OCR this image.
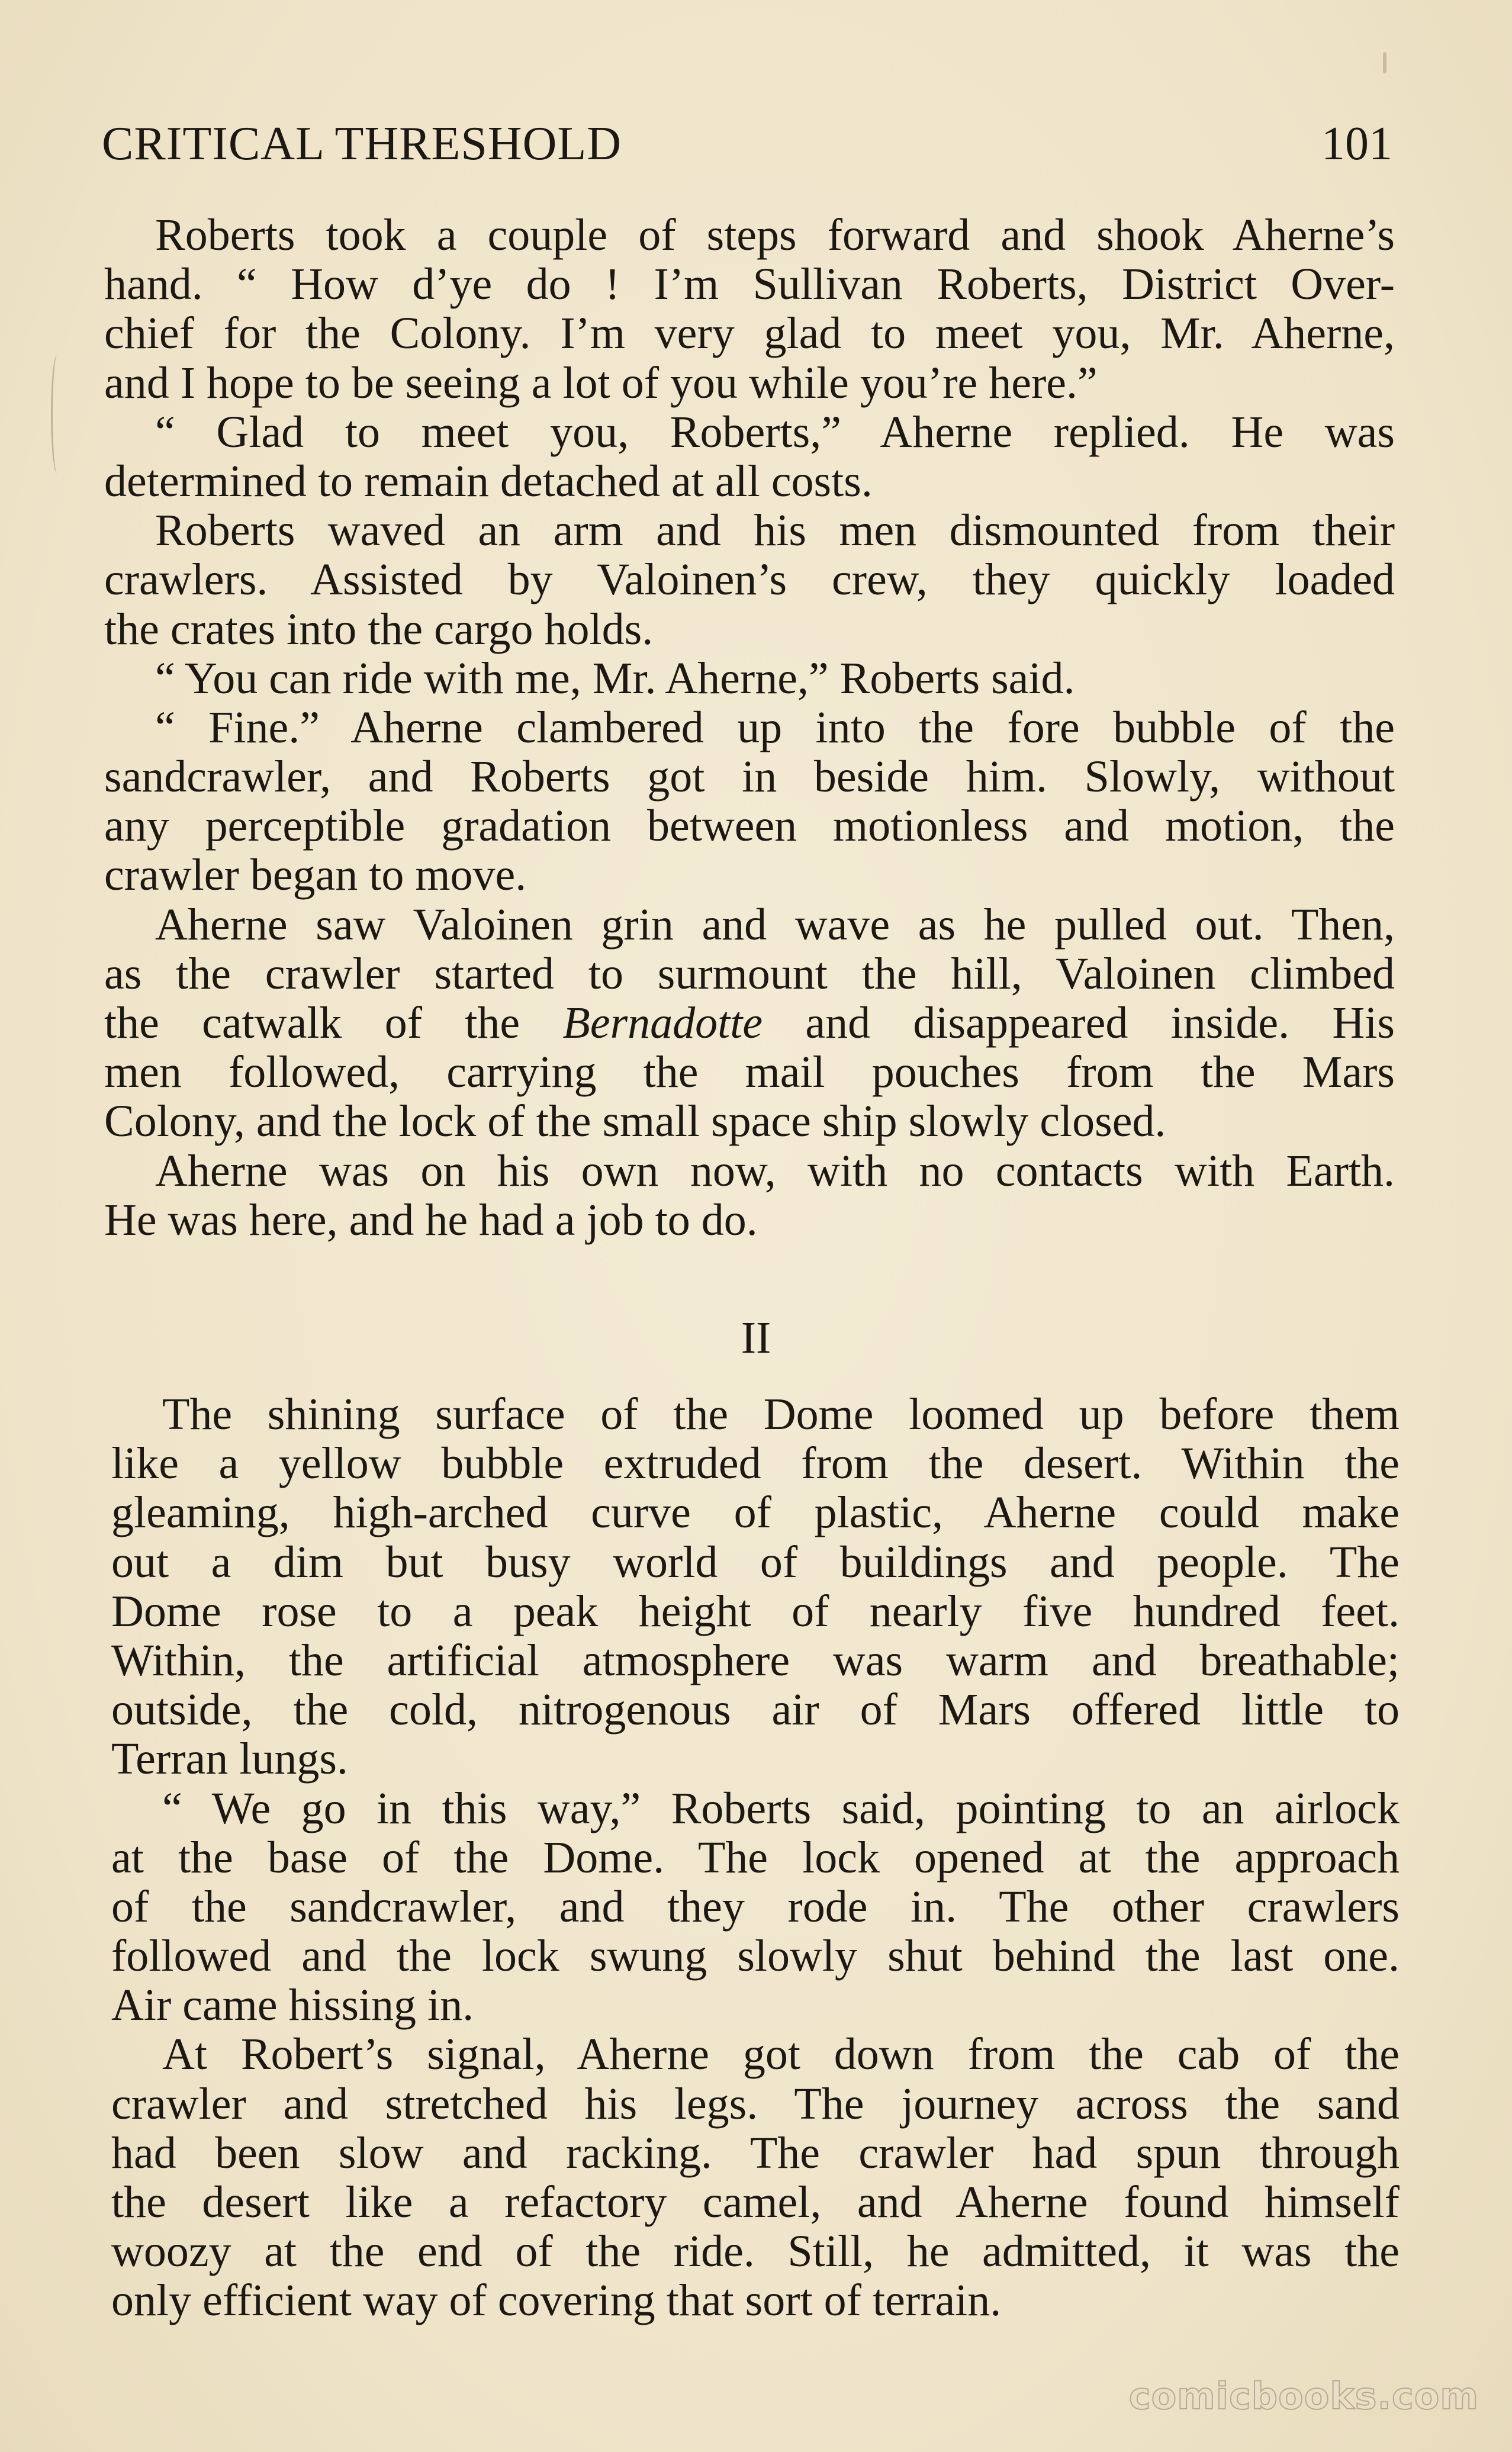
CRITICAL THRESHOLD	101
Roberts took a couple of steps forward and shook Aherne’s
hand. “ How d’ye do ! I’m Sullivan Roberts, District Over-
chief for the Colony. I’m very glad to meet you, Mr. Aherne,
and I hope to be seeing a lot of you while you’re here.”
“ Glad to meet you, Roberts,” Aherne replied. He was
determined to remain detached at all costs.
Roberts waved an arm and his men dismounted from their
crawlers. Assisted by Valoinen’s crew, they quickly loaded
the crates into the cargo holds.
“ You can ride with me, Mr. Aherne,” Roberts said.
“ Fine.” Aherne clambered up into the fore bubble of the
sandcrawler, and Roberts got in beside him. Slowly, without
any perceptible gradation between motionless and motion, the
crawler began to move.
Aherne saw Valoinen grin and wave as he pulled out. Then,
as the crawler started to surmount the hill, Valoinen climbed
the catwalk of the Bernadotte and disappeared inside. His
men followed, carrying the mail pouches from the Mars
Colony, and the lock of the small space ship slowly closed.
Aherne was on his own now, with no contacts with Earth.
He was here, and he had a job to do.
II
The shining surface of the Dome loomed up before them
like a yellow bubble extruded from the desert. Within the
gleaming, high-arched curve of plastic, Aherne could make
out a dim but busy world of buildings and people. The
Dome rose to a peak height of nearly five hundred feet.
Within, the artificial atmosphere was warm and breathable;
outside, the cold, nitrogenous air of Mars offered little to
Terran lungs.
“ We go in this way,” Roberts said, pointing to an airlock
at the base of the Dome. The lock opened at the approach
of the sandcrawler, and they rode in. The other crawlers
followed and the lock swung slowly shut behind the last one.
Air came hissing in.
At Robert’s signal, Aherne got down from the cab of the
crawler and stretched his legs. The journey across the sand
had been slow and racking. The crawler had spun through
the desert like a refactory camel, and Aherne found himself
woozy at the end of the ride. Still, he admitted, it was the
only efficient way of covering that sort of terrain.
comicbooks.com
